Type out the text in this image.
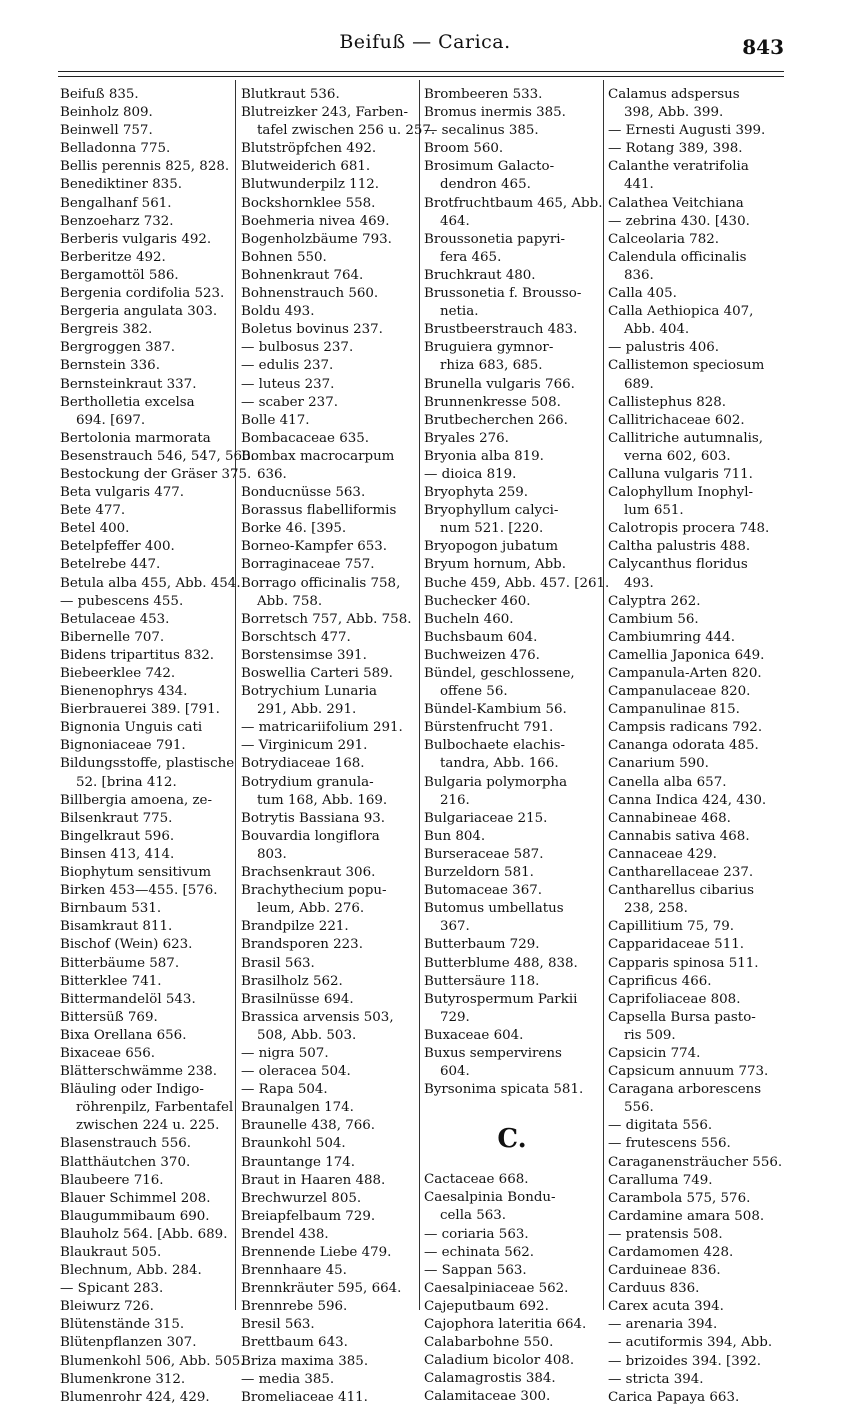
Beifuß — Carica.	843
Beifuß 835.
Beinholz 809.
Beinwell 757.
Belladonna 775.
Bellis perennis 825, 828.
Benediktiner 835.
Bengalhanf 561.
Benzoeharz 732.
Berberis vulgaris 492.
Berberitze 492.
Bergamottöl 586.
Bergenia cordifolia 523.
Bergeria angulata 303.
Bergreis 382.
Bergroggen 387.
Bernstein 336.
Bernsteinkraut 337.
Bertholletia excelsa
694. [697.
Bertolonia marmorata
Besenstrauch 546, 547, 560.
Bestockung der Gräser 375.
Beta vulgaris 477.
Bete 477.
Betel 400.
Betelpfeffer 400.
Betelrebe 447.
Betula alba 455, Abb. 454.
— pubescens 455.
Betulaceae 453.
Bibernelle 707.
Bidens tripartitus 832.
Biebeerklee 742.
Bienenophrys 434.
Bierbrauerei 389. [791.
Bignonia Unguis cati
Bignoniaceae 791.
Bildungsstoffe, plastische
52. [brina 412.
Billbergia amoena, ze-
Bilsenkraut 775.
Bingelkraut 596.
Binsen 413, 414.
Biophytum sensitivum
Birken 453—455. [576.
Birnbaum 531.
Bisamkraut 811.
Bischof (Wein) 623.
Bitterbäume 587.
Bitterklee 741.
Bittermandelöl 543.
Bittersüß 769.
Bixa Orellana 656.
Bixaceae 656.
Blätterschwämme 238.
Bläuling oder Indigo-
röhrenpilz, Farbentafel
zwischen 224 u. 225.
Blasenstrauch 556.
Blatthäutchen 370.
Blaubeere 716.
Blauer Schimmel 208.
Blaugummibaum 690.
Blauholz 564. [Abb. 689.
Blaukraut 505.
Blechnum, Abb. 284.
— Spicant 283.
Bleiwurz 726.
Blütenstände 315.
Blütenpflanzen 307.
Blumenkohl 506, Abb. 505.
Blumenkrone 312.
Blumenrohr 424, 429.
Blutkraut 536.
Blutreizker 243, Farben-
tafel zwischen 256 u. 257.
Blutströpfchen 492.
Blutweiderich 681.
Blutwunderpilz 112.
Bockshornklee 558.
Boehmeria nivea 469.
Bogenholzbäume 793.
Bohnen 550.
Bohnenkraut 764.
Bohnenstrauch 560.
Boldu 493.
Boletus bovinus 237.
— bulbosus 237.
— edulis 237.
— luteus 237.
— scaber 237.
Bolle 417.
Bombacaceae 635.
Bombax macrocarpum
636.
Bonducnüsse 563.
Borassus flabelliformis
Borke 46. [395.
Borneo-Kampfer 653.
Borraginaceae 757.
Borrago officinalis 758,
Abb. 758.
Borretsch 757, Abb. 758.
Borschtsch 477.
Borstensimse 391.
Boswellia Carteri 589.
Botrychium Lunaria
291, Abb. 291.
— matricariifolium 291.
— Virginicum 291.
Botrydiaceae 168.
Botrydium granula-
tum 168, Abb. 169.
Botrytis Bassiana 93.
Bouvardia longiflora
803.
Brachsenkraut 306.
Brachythecium popu-
leum, Abb. 276.
Brandpilze 221.
Brandsporen 223.
Brasil 563.
Brasilholz 562.
Brasilnüsse 694.
Brassica arvensis 503,
508, Abb. 503.
— nigra 507.
— oleracea 504.
— Rapa 504.
Braunalgen 174.
Braunelle 438, 766.
Braunkohl 504.
Brauntange 174.
Braut in Haaren 488.
Brechwurzel 805.
Breiapfelbaum 729.
Brendel 438.
Brennende Liebe 479.
Brennhaare 45.
Brennkräuter 595, 664.
Brennrebe 596.
Bresil 563.
Brettbaum 643.
Briza maxima 385.
— media 385.
Bromeliaceae 411.
Brombeeren 533.
Bromus inermis 385.
— secalinus 385.
Broom 560.
Brosimum Galacto-
dendron 465.
Brotfruchtbaum 465, Abb.
464.
Broussonetia papyri-
fera 465.
Bruchkraut 480.
Brussonetia f. Brousso-
netia.
Brustbeerstrauch 483.
Bruguiera gymnor-
rhiza 683, 685.
Brunella vulgaris 766.
Brunnenkresse 508.
Brutbecherchen 266.
Bryales 276.
Bryonia alba 819.
— dioica 819.
Bryophyta 259.
Bryophyllum calyci-
num 521. [220.
Bryopogon jubatum
Bryum hornum, Abb.
Buche 459, Abb. 457. [261.
Buchecker 460.
Bucheln 460.
Buchsbaum 604.
Buchweizen 476.
Bündel, geschlossene,
offene 56.
Bündel-Kambium 56.
Bürstenfrucht 791.
Bulbochaete elachis-
tandra, Abb. 166.
Bulgaria polymorpha
216.
Bulgariaceae 215.
Bun 804.
Burseraceae 587.
Burzeldorn 581.
Butomaceae 367.
Butomus umbellatus
367.
Butterbaum 729.
Butterblume 488, 838.
Buttersäure 118.
Butyrospermum Parkii
729.
Buxaceae 604.
Buxus sempervirens
604.
Byrsonima spicata 581.
C.
Cactaceae 668.
Caesalpinia Bondu-
cella 563.
— coriaria 563.
— echinata 562.
— Sappan 563.
Caesalpiniaceae 562.
Cajeputbaum 692.
Cajophora lateritia 664.
Calabarbohne 550.
Caladium bicolor 408.
Calamagrostis 384.
Calamitaceae 300.
Calamus adspersus
398, Abb. 399.
— Ernesti Augusti 399.
— Rotang 389, 398.
Calanthe veratrifolia
441.
Calathea Veitchiana
— zebrina 430. [430.
Calceolaria 782.
Calendula officinalis
836.
Calla 405.
Calla Aethiopica 407,
Abb. 404.
— palustris 406.
Callistemon speciosum
689.
Callistephus 828.
Callitrichaceae 602.
Callitriche autumnalis,
verna 602, 603.
Calluna vulgaris 711.
Calophyllum Inophyl-
lum 651.
Calotropis procera 748.
Caltha palustris 488.
Calycanthus floridus
493.
Calyptra 262.
Cambium 56.
Cambiumring 444.
Camellia Japonica 649.
Campanula-Arten 820.
Campanulaceae 820.
Campanulinae 815.
Campsis radicans 792.
Cananga odorata 485.
Canarium 590.
Canella alba 657.
Canna Indica 424, 430.
Cannabineae 468.
Cannabis sativa 468.
Cannaceae 429.
Cantharellaceae 237.
Cantharellus cibarius
238, 258.
Capillitium 75, 79.
Capparidaceae 511.
Capparis spinosa 511.
Caprificus 466.
Caprifoliaceae 808.
Capsella Bursa pasto-
ris 509.
Capsicin 774.
Capsicum annuum 773.
Caragana arborescens
556.
— digitata 556.
— frutescens 556.
Caraganensträucher 556.
Caralluma 749.
Carambola 575, 576.
Cardamine amara 508.
— pratensis 508.
Cardamomen 428.
Carduineae 836.
Carduus 836.
Carex acuta 394.
— arenaria 394.
— acutiformis 394, Abb.
— brizoides 394. [392.
— stricta 394.
Carica Papaya 663.
